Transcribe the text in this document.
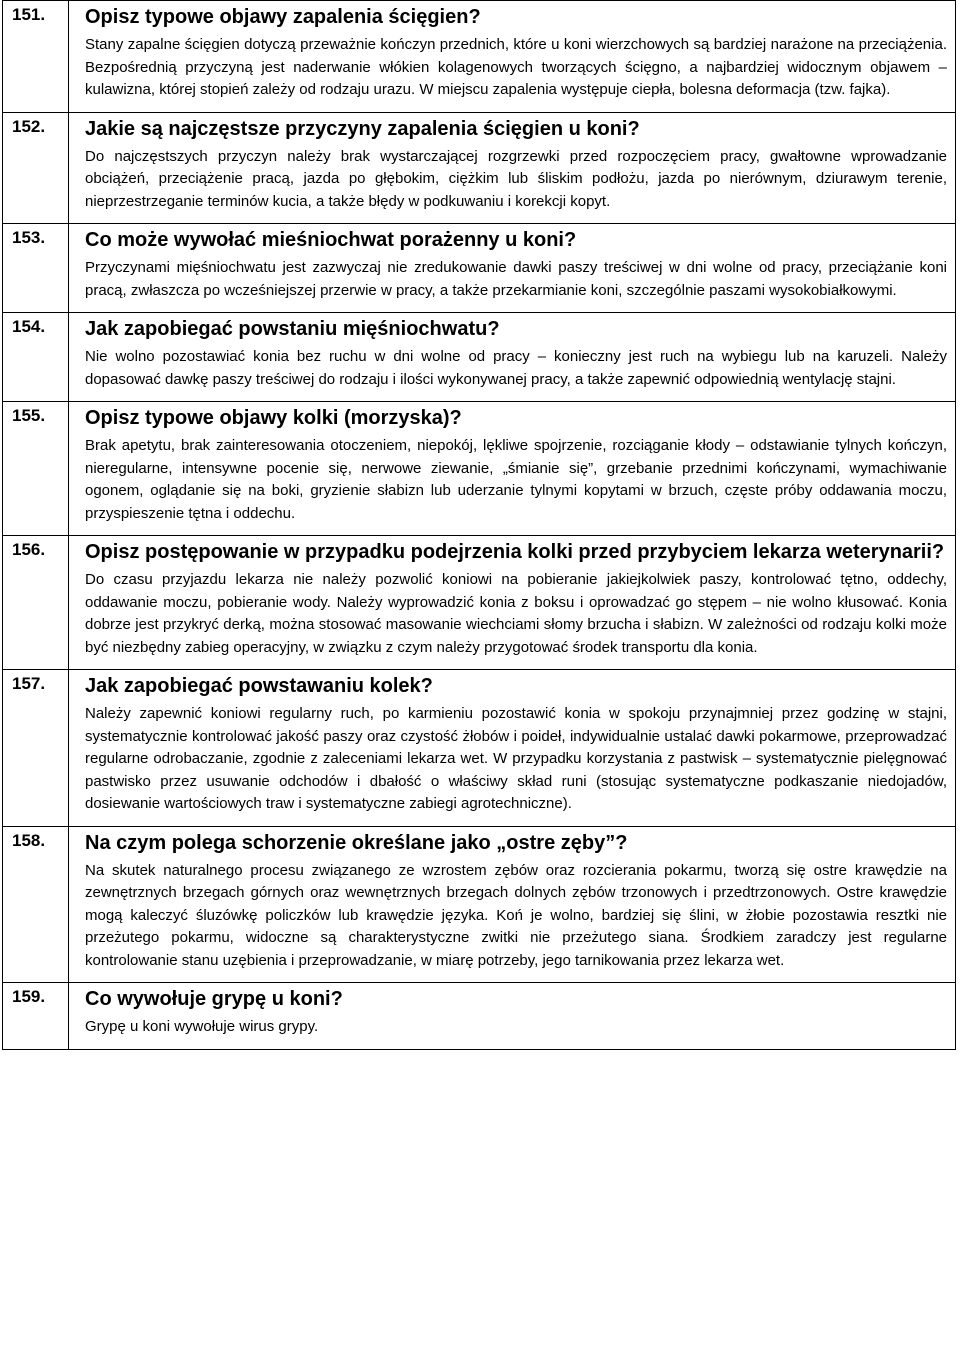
151.	Opisz typowe objawy zapalenia ścięgien?

Stany zapalne ścięgien dotyczą przeważnie kończyn przednich, które u koni wierzchowych są bardziej narażone na przeciążenia. Bezpośrednią przyczyną jest naderwanie włókien kolagenowych tworzących ścięgno, a najbardziej widocznym objawem – kulawizna, której stopień zależy od rodzaju urazu. W miejscu zapalenia występuje ciepła, bolesna deformacja (tzw. fajka).

152.	Jakie są najczęstsze przyczyny zapalenia ścięgien u koni?

Do najczęstszych przyczyn należy brak wystarczającej rozgrzewki przed rozpoczęciem pracy, gwałtowne wprowadzanie obciążeń, przeciążenie pracą, jazda po głębokim, ciężkim lub śliskim podłożu, jazda po nierównym, dziurawym terenie, nieprzestrzeganie terminów kucia, a także błędy w podkuwaniu i korekcji kopyt.

153.	Co może wywołać mieśniochwat porażenny u koni?

Przyczynami mięśniochwatu jest zazwyczaj nie zredukowanie dawki paszy treściwej w dni wolne od pracy, przeciążanie koni pracą, zwłaszcza po wcześniejszej przerwie w pracy, a także przekarmianie koni, szczególnie paszami wysokobiałkowymi.

154.	Jak zapobiegać powstaniu mięśniochwatu?

Nie wolno pozostawiać konia bez ruchu w dni wolne od pracy – konieczny jest ruch na wybiegu lub na karuzeli. Należy dopasować dawkę paszy treściwej do rodzaju i ilości wykonywanej pracy, a także zapewnić odpowiednią wentylację stajni.

155.	Opisz typowe objawy kolki (morzyska)?

Brak apetytu, brak zainteresowania otoczeniem, niepokój, lękliwe spojrzenie, rozciąganie kłody – odstawianie tylnych kończyn, nieregularne, intensywne pocenie się, nerwowe ziewanie, „śmianie się”, grzebanie przednimi kończynami, wymachiwanie ogonem, oglądanie się na boki, gryzienie słabizn lub uderzanie tylnymi kopytami w brzuch, częste próby oddawania moczu, przyspieszenie tętna i oddechu.

156.	Opisz postępowanie w przypadku podejrzenia kolki przed przybyciem lekarza weterynarii?

Do czasu przyjazdu lekarza nie należy pozwolić koniowi na pobieranie jakiejkolwiek paszy, kontrolować tętno, oddechy, oddawanie moczu, pobieranie wody. Należy wyprowadzić konia z boksu i oprowadzać go stępem – nie wolno kłusować. Konia dobrze jest przykryć derką, można stosować masowanie wiechciami słomy brzucha i słabizn. W zależności od rodzaju kolki może być niezbędny zabieg operacyjny, w związku z czym należy przygotować środek transportu dla konia.

157.	Jak zapobiegać powstawaniu kolek?

Należy zapewnić koniowi regularny ruch, po karmieniu pozostawić konia w spokoju przynajmniej przez godzinę w stajni, systematycznie kontrolować jakość paszy oraz czystość żłobów i poideł, indywidualnie ustalać dawki pokarmowe, przeprowadzać regularne odrobaczanie, zgodnie z zaleceniami lekarza wet. W przypadku korzystania z pastwisk – systematycznie pielęgnować pastwisko przez usuwanie odchodów i dbałość o właściwy skład runi (stosując systematyczne podkaszanie niedojadów, dosiewanie wartościowych traw i systematyczne zabiegi agrotechniczne).

158.	Na czym polega schorzenie określane jako „ostre zęby”?

Na skutek naturalnego procesu związanego ze wzrostem zębów oraz rozcierania pokarmu, tworzą się ostre krawędzie na zewnętrznych brzegach górnych oraz wewnętrznych brzegach dolnych zębów trzonowych i przedtrzonowych. Ostre krawędzie mogą kaleczyć śluzówkę policzków lub krawędzie języka. Koń je wolno, bardziej się ślini, w żłobie pozostawia resztki nie przeżutego pokarmu, widoczne są charakterystyczne zwitki nie przeżutego siana. Środkiem zaradczy jest regularne kontrolowanie stanu uzębienia i przeprowadzanie, w miarę potrzeby, jego tarnikowania przez lekarza wet.

159.	Co wywołuje grypę u koni?

Grypę u koni wywołuje wirus grypy.
